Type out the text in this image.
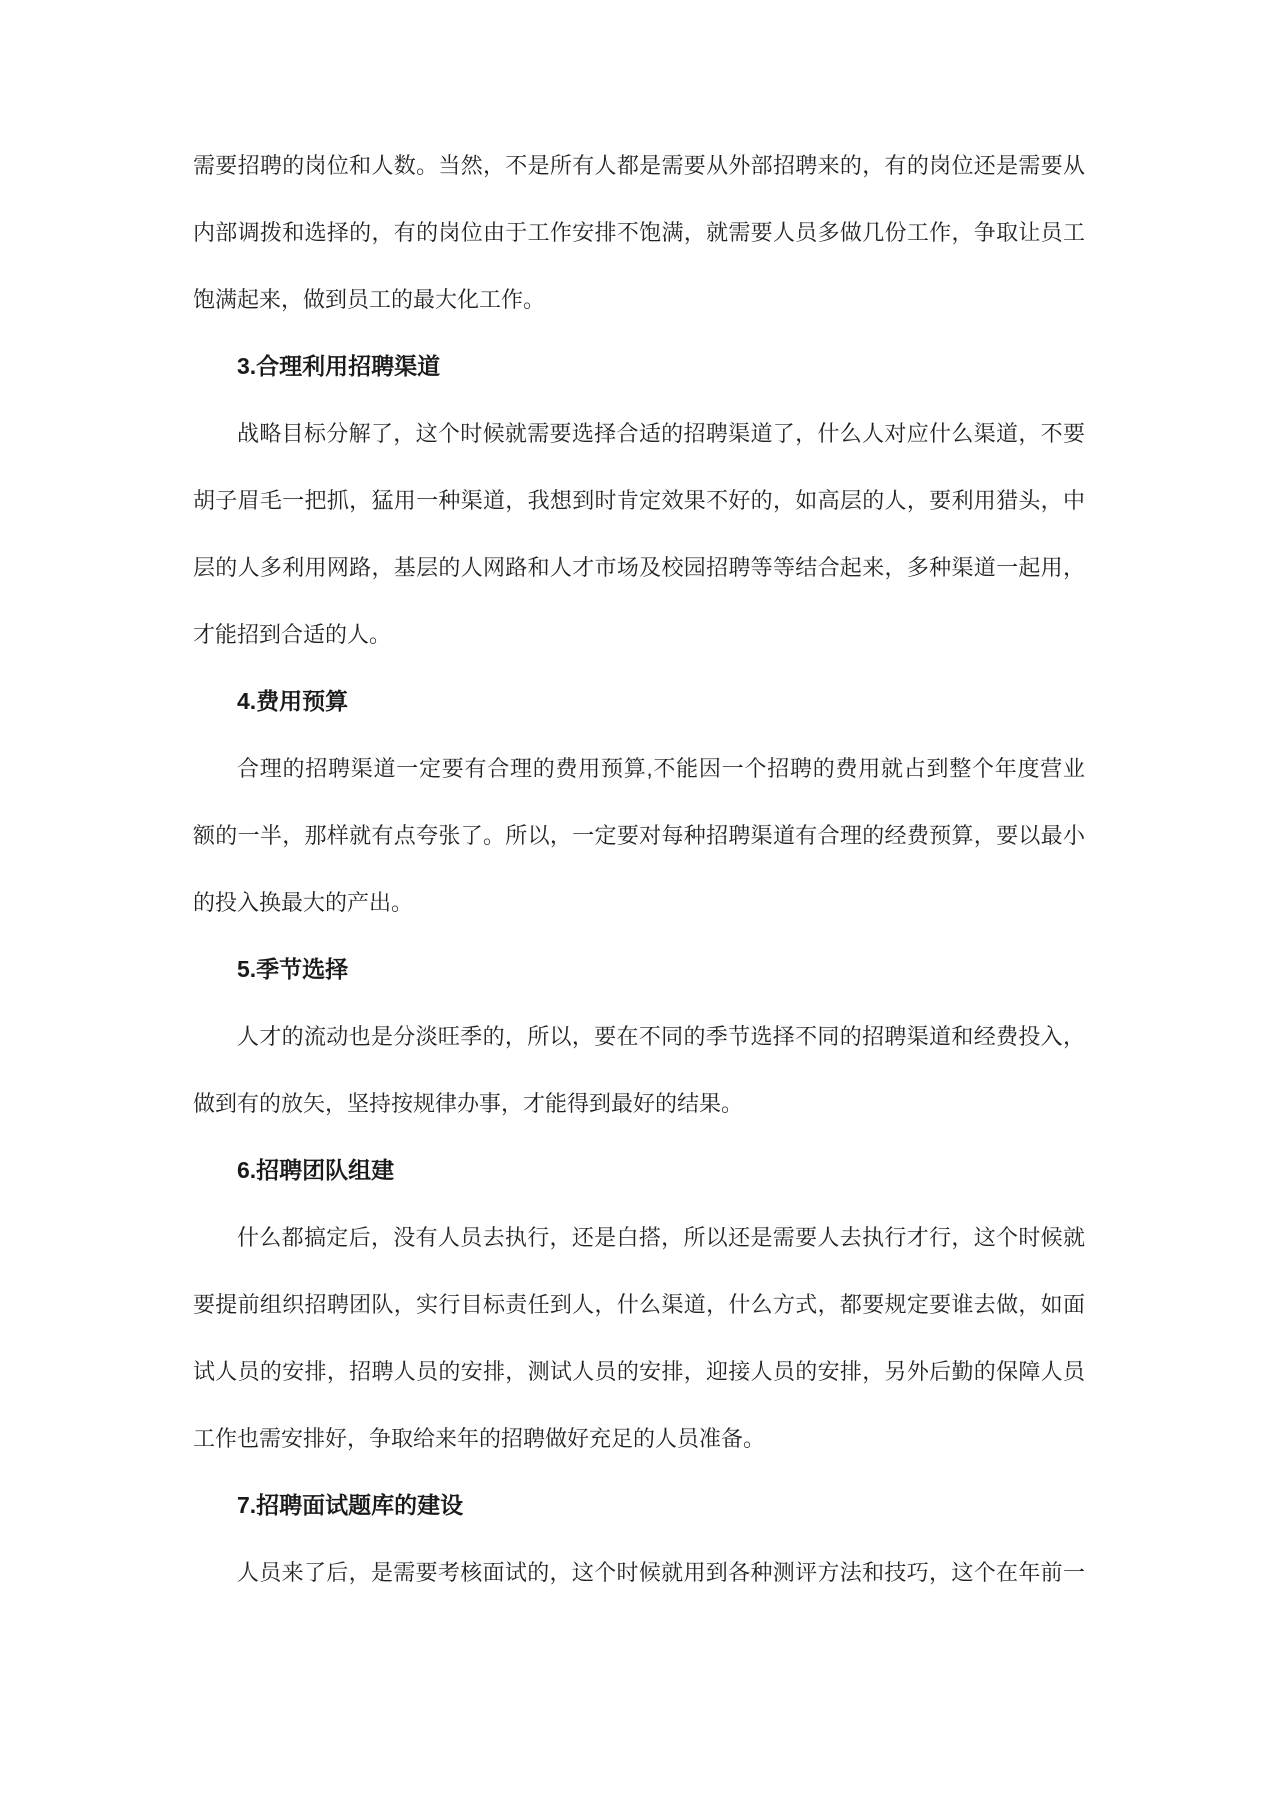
需要招聘的岗位和人数。当然，不是所有人都是需要从外部招聘来的，有的岗位还是需要从
内部调拨和选择的，有的岗位由于工作安排不饱满，就需要人员多做几份工作，争取让员工
饱满起来，做到员工的最大化工作。
3.合理利用招聘渠道
战略目标分解了，这个时候就需要选择合适的招聘渠道了，什么人对应什么渠道，不要
胡子眉毛一把抓，猛用一种渠道，我想到时肯定效果不好的，如高层的人，要利用猎头，中
层的人多利用网路，基层的人网路和人才市场及校园招聘等等结合起来，多种渠道一起用，
才能招到合适的人。
4.费用预算
合理的招聘渠道一定要有合理的费用预算,不能因一个招聘的费用就占到整个年度营业
额的一半，那样就有点夸张了。所以，一定要对每种招聘渠道有合理的经费预算，要以最小
的投入换最大的产出。
5.季节选择
人才的流动也是分淡旺季的，所以，要在不同的季节选择不同的招聘渠道和经费投入，
做到有的放矢，坚持按规律办事，才能得到最好的结果。
6.招聘团队组建
什么都搞定后，没有人员去执行，还是白搭，所以还是需要人去执行才行，这个时候就
要提前组织招聘团队，实行目标责任到人，什么渠道，什么方式，都要规定要谁去做，如面
试人员的安排，招聘人员的安排，测试人员的安排，迎接人员的安排，另外后勤的保障人员
工作也需安排好，争取给来年的招聘做好充足的人员准备。
7.招聘面试题库的建设
人员来了后，是需要考核面试的，这个时候就用到各种测评方法和技巧，这个在年前一
